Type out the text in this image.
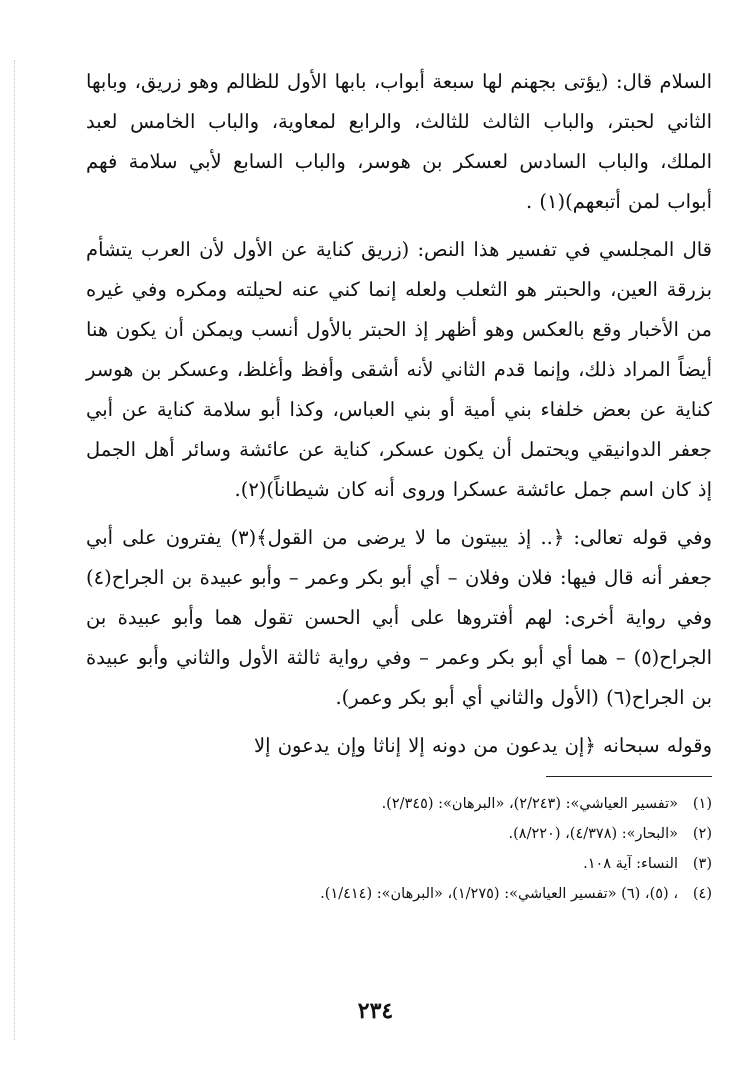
السلام قال: (يؤتى بجهنم لها سبعة أبواب، بابها الأول للظالم وهو زريق، وبابها الثاني لحبتر، والباب الثالث للثالث، والرابع لمعاوية، والباب الخامس لعبد الملك، والباب السادس لعسكر بن هوسر، والباب السابع لأبي سلامة فهم أبواب لمن أتبعهم)(١) .

قال المجلسي في تفسير هذا النص: (زريق كناية عن الأول لأن العرب يتشأم بزرقة العين، والحبتر هو الثعلب ولعله إنما كني عنه لحيلته ومكره وفي غيره من الأخبار وقع بالعكس وهو أظهر إذ الحبتر بالأول أنسب ويمكن أن يكون هنا أيضاً المراد ذلك، وإنما قدم الثاني لأنه أشقى وأفظ وأغلظ، وعسكر بن هوسر كناية عن بعض خلفاء بني أمية أو بني العباس، وكذا أبو سلامة كناية عن أبي جعفر الدوانيقي ويحتمل أن يكون عسكر، كناية عن عائشة وسائر أهل الجمل إذ كان اسم جمل عائشة عسكرا وروى أنه كان شيطاناً)(٢).

وفي قوله تعالى: ﴿.. إذ يبيتون ما لا يرضى من القول﴾(٣) يفترون على أبي جعفر أنه قال فيها: فلان وفلان – أي أبو بكر وعمر – وأبو عبيدة بن الجراح(٤) وفي رواية أخرى: لهم أفتروها على أبي الحسن تقول هما وأبو عبيدة بن الجراح(٥) – هما أي أبو بكر وعمر – وفي رواية ثالثة الأول والثاني وأبو عبيدة بن الجراح(٦) (الأول والثاني أي أبو بكر وعمر).

وقوله سبحانه ﴿إن يدعون من دونه إلا إناثا وإن يدعون إلا

(١)
«تفسير العياشي»: (٢/٢٤٣)، «البرهان»: (٢/٣٤٥).
(٢)
«البحار»: (٤/٣٧٨)، (٨/٢٢٠).
(٣)
النساء: آية ١٠٨.
(٤)
، (٥)، (٦) «تفسير العياشي»: (١/٢٧٥)، «البرهان»: (١/٤١٤).
٢٣٤
